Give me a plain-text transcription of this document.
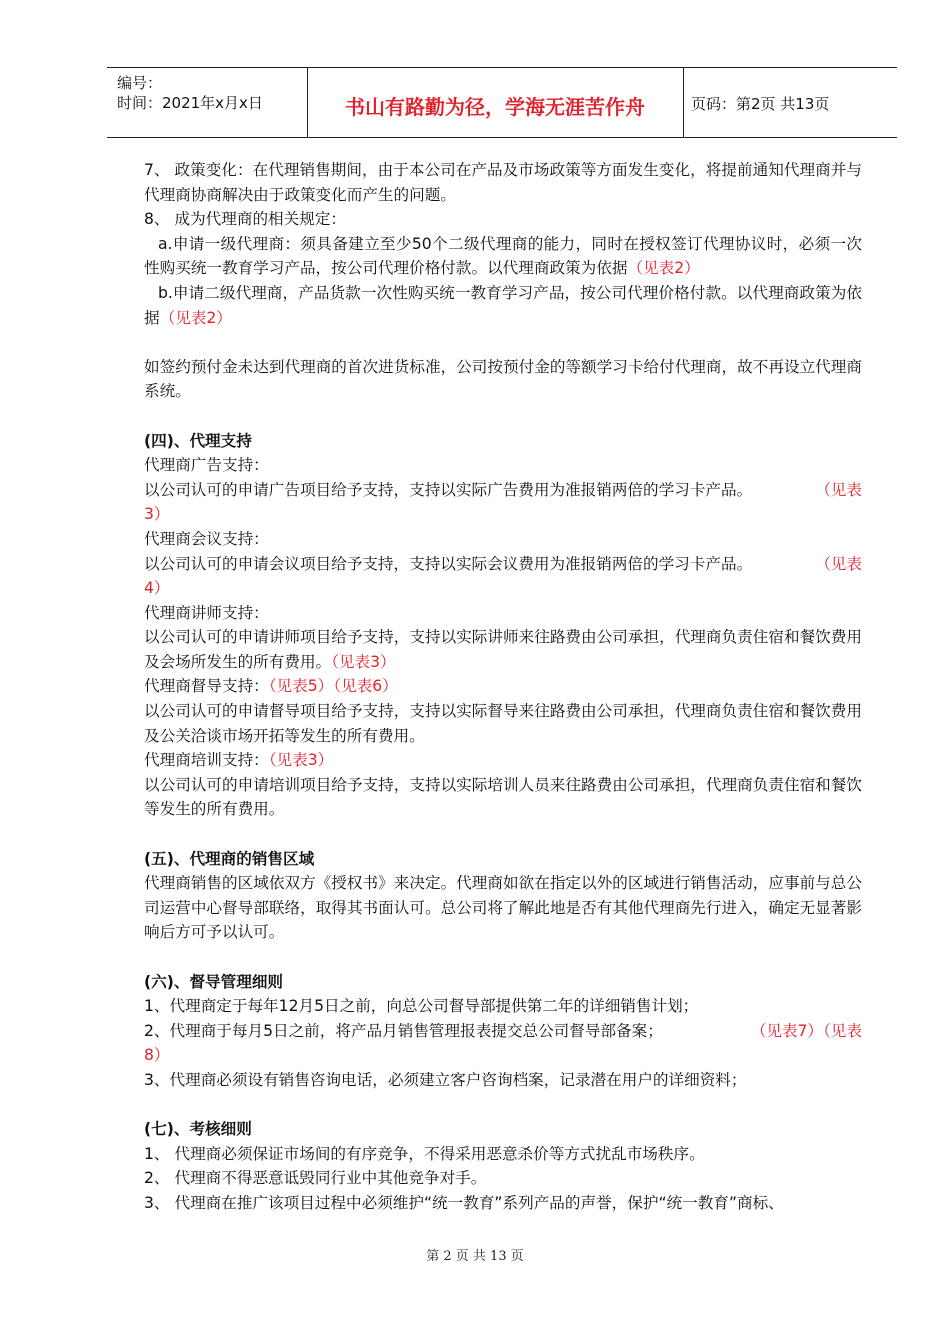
编号：
时间：2021年x月x日	书山有路勤为径，学海无涯苦作舟	页码：第2页 共13页

7、 政策变化：在代理销售期间，由于本公司在产品及市场政策等方面发生变化，将提前通知代理商并与代理商协商解决由于政策变化而产生的问题。

8、 成为代理商的相关规定：

a.申请一级代理商：须具备建立至少50个二级代理商的能力，同时在授权签订代理协议时，必须一次性购买统一教育学习产品，按公司代理价格付款。以代理商政策为依据（见表2）

b.申请二级代理商，产品货款一次性购买统一教育学习产品，按公司代理价格付款。以代理商政策为依据（见表2）

如签约预付金未达到代理商的首次进货标准，公司按预付金的等额学习卡给付代理商，故不再设立代理商系统。

(四)、代理支持

代理商广告支持：

以公司认可的申请广告项目给予支持，支持以实际广告费用为准报销两倍的学习卡产品。	（见表

3）

代理商会议支持：

以公司认可的申请会议项目给予支持，支持以实际会议费用为准报销两倍的学习卡产品。	（见表

4）

代理商讲师支持：

以公司认可的申请讲师项目给予支持，支持以实际讲师来往路费由公司承担，代理商负责住宿和餐饮费用及会场所发生的所有费用。（见表3）

代理商督导支持：（见表5）（见表6）

以公司认可的申请督导项目给予支持，支持以实际督导来往路费由公司承担，代理商负责住宿和餐饮费用及公关洽谈市场开拓等发生的所有费用。

代理商培训支持：（见表3）

以公司认可的申请培训项目给予支持，支持以实际培训人员来往路费由公司承担，代理商负责住宿和餐饮等发生的所有费用。

(五)、代理商的销售区域

代理商销售的区域依双方《授权书》来决定。代理商如欲在指定以外的区域进行销售活动，应事前与总公司运营中心督导部联络，取得其书面认可。总公司将了解此地是否有其他代理商先行进入，确定无显著影响后方可予以认可。

(六)、督导管理细则

1、代理商定于每年12月5日之前，向总公司督导部提供第二年的详细销售计划；

2、代理商于每月5日之前，将产品月销售管理报表提交总公司督导部备案；	（见表7）（见表

8）

3、代理商必须设有销售咨询电话，必须建立客户咨询档案，记录潜在用户的详细资料；

(七)、考核细则

1、 代理商必须保证市场间的有序竞争，不得采用恶意杀价等方式扰乱市场秩序。

2、 代理商不得恶意诋毁同行业中其他竞争对手。

3、 代理商在推广该项目过程中必须维护“统一教育”系列产品的声誉，保护“统一教育”商标、

第 2 页 共 13 页
